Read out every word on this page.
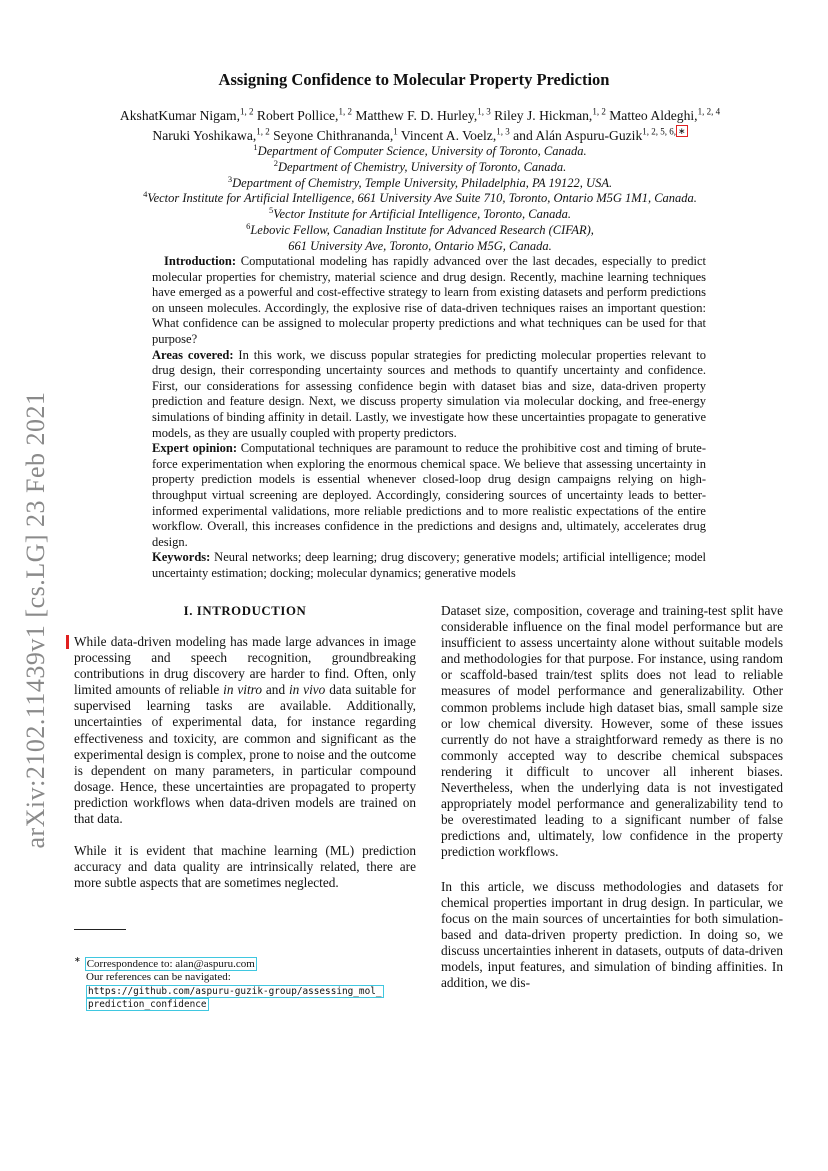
arXiv:2102.11439v1 [cs.LG] 23 Feb 2021
Assigning Confidence to Molecular Property Prediction
AkshatKumar Nigam,$^{1, 2}$ Robert Pollice,$^{1, 2}$ Matthew F. D. Hurley,$^{1, 3}$ Riley J. Hickman,$^{1, 2}$ Matteo Aldeghi,$^{1, 2, 4}$
Naruki Yoshikawa,$^{1, 2}$ Seyone Chithrananda,$^1$ Vincent A. Voelz,$^{1, 3}$ and Alán Aspuru-Guzik$^{1, 2, 5, 6,}$ ∗
$^1$Department of Computer Science, University of Toronto, Canada.
$^2$Department of Chemistry, University of Toronto, Canada.
$^3$Department of Chemistry, Temple University, Philadelphia, PA 19122, USA.
$^4$Vector Institute for Artificial Intelligence, 661 University Ave Suite 710, Toronto, Ontario M5G 1M1, Canada.
$^5$Vector Institute for Artificial Intelligence, Toronto, Canada.
$^6$Lebovic Fellow, Canadian Institute for Advanced Research (CIFAR),
661 University Ave, Toronto, Ontario M5G, Canada.

Introduction: Computational modeling has rapidly advanced over the last decades, especially to predict molecular properties for chemistry, material science and drug design. Recently, machine learning techniques have emerged as a powerful and cost-effective strategy to learn from existing datasets and perform predictions on unseen molecules. Accordingly, the explosive rise of data-driven techniques raises an important question: What confidence can be assigned to molecular property predictions and what techniques can be used for that purpose?

Areas covered: In this work, we discuss popular strategies for predicting molecular properties relevant to drug design, their corresponding uncertainty sources and methods to quantify uncertainty and confidence. First, our considerations for assessing confidence begin with dataset bias and size, data-driven property prediction and feature design. Next, we discuss property simulation via molecular docking, and free-energy simulations of binding affinity in detail. Lastly, we investigate how these uncertainties propagate to generative models, as they are usually coupled with property predictors.

Expert opinion: Computational techniques are paramount to reduce the prohibitive cost and timing of brute-force experimentation when exploring the enormous chemical space. We believe that assessing uncertainty in property prediction models is essential whenever closed-loop drug design campaigns relying on high-throughput virtual screening are deployed. Accordingly, considering sources of uncertainty leads to better-informed experimental validations, more reliable predictions and to more realistic expectations of the entire workflow. Overall, this increases confidence in the predictions and designs and, ultimately, accelerates drug design.

Keywords: Neural networks; deep learning; drug discovery; generative models; artificial intelligence; model uncertainty estimation; docking; molecular dynamics; generative models

I. INTRODUCTION

While data-driven modeling has made large advances in image processing and speech recognition, groundbreaking contributions in drug discovery are harder to find. Often, only limited amounts of reliable in vitro and in vivo data suitable for supervised learning tasks are available. Additionally, uncertainties of experimental data, for instance regarding effectiveness and toxicity, are common and significant as the experimental design is complex, prone to noise and the outcome is dependent on many parameters, in particular compound dosage. Hence, these uncertainties are propagated to property prediction workflows when data-driven models are trained on that data.

While it is evident that machine learning (ML) prediction accuracy and data quality are intrinsically related, there are more subtle aspects that are sometimes neglected.

Dataset size, composition, coverage and training-test split have considerable influence on the final model performance but are insufficient to assess uncertainty alone without suitable models and methodologies for that purpose. For instance, using random or scaffold-based train/test splits does not lead to reliable measures of model performance and generalizability. Other common problems include high dataset bias, small sample size or low chemical diversity. However, some of these issues currently do not have a straightforward remedy as there is no commonly accepted way to describe chemical subspaces rendering it difficult to uncover all inherent biases. Nevertheless, when the underlying data is not investigated appropriately model performance and generalizability tend to be overestimated leading to a significant number of false predictions and, ultimately, low confidence in the property prediction workflows.

In this article, we discuss methodologies and datasets for chemical properties important in drug design. In particular, we focus on the main sources of uncertainties for both simulation-based and data-driven property prediction. In doing so, we discuss uncertainties inherent in datasets, outputs of data-driven models, input features, and simulation of binding affinities. In addition, we dis-

∗ Correspondence to: alan@aspuru.com
Our references can be navigated:
https://github.com/aspuru-guzik-group/assessing_mol_
prediction_confidence
